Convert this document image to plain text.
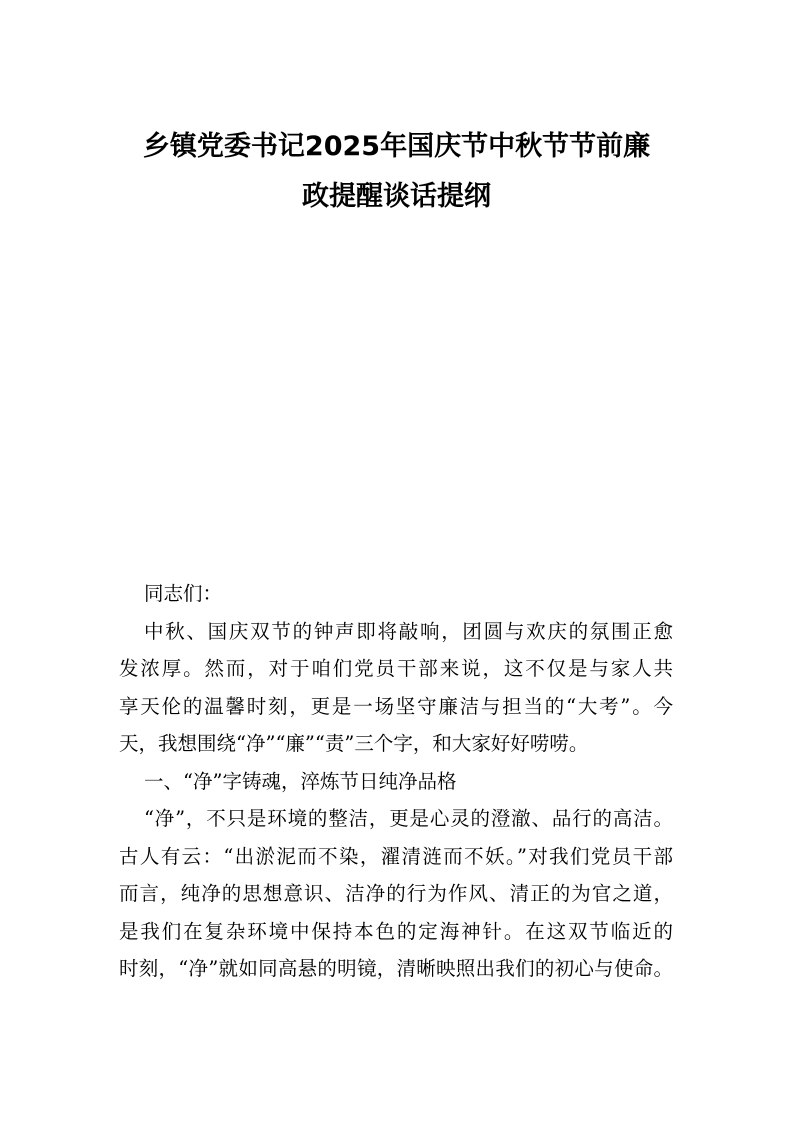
乡镇党委书记2025年国庆节中秋节节前廉
政提醒谈话提纲
同志们：
中秋、国庆双节的钟声即将敲响，团圆与欢庆的氛围正愈
发浓厚。然而，对于咱们党员干部来说，这不仅是与家人共
享天伦的温馨时刻，更是一场坚守廉洁与担当的“大考”。今
天，我想围绕“净”“廉”“责”三个字，和大家好好唠唠。
一、“净”字铸魂，淬炼节日纯净品格
“净”，不只是环境的整洁，更是心灵的澄澈、品行的高洁。
古人有云：“出淤泥而不染，濯清涟而不妖。”对我们党员干部
而言，纯净的思想意识、洁净的行为作风、清正的为官之道，
是我们在复杂环境中保持本色的定海神针。在这双节临近的
时刻，“净”就如同高悬的明镜，清晰映照出我们的初心与使命。
